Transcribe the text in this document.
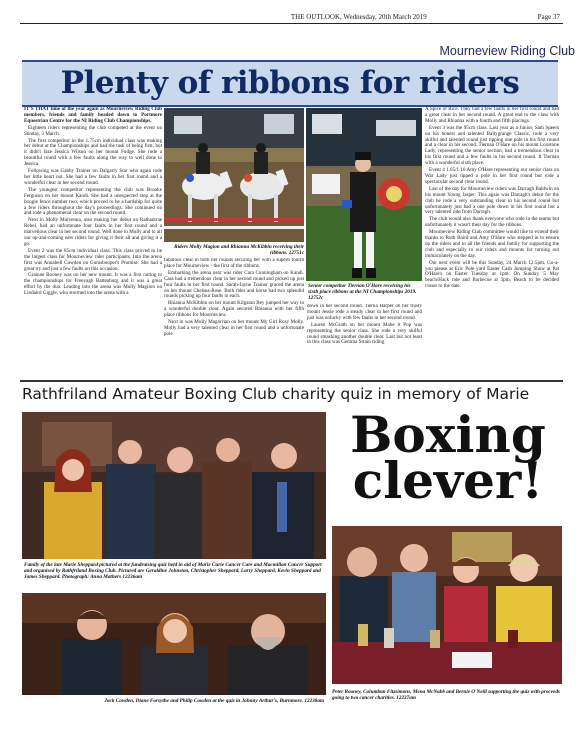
THE OUTLOOK, Wednesday, 20th March 2019	Page 37
Mourneview Riding Club
Plenty of ribbons for riders

IT'S THAT time of the year again as Mourneview Riding Club members, friends and family headed down to Portmore Equestrian Centre for the NI Riding Club Championships.

Eighteen riders representing the club competed at the event on Sunday, 3 March.

The first competitor in the 1.75cm individual class was making her debut at the Championships and had the task of being first, but it didn't faze Jessica Wilson on her mount Fudge. She rode a beautiful round with a few faults along the way to well done to Jessica.

Following was Gabby Trainer on Dalgarry Star who again rode her little heart out. She had a few faults in her first round and a wonderful clear in her second round.

The youngest competitor representing the club was Brooke Ferguson on her mount Kandi. She had a unexpected stop at the boogie fence number two, which proved to be a hardship for quite a few riders throughout the day's proceedings. She continued on and rode a phenomenal clear on the second round.

Next in Molly Mulvenna, also making her debut on Rathantrae Rebel, had an unfortunate four faults in her first round and a marvellous clear in her second round. Well done to Molly and to all our up-and-coming new riders for giving it their all and giving it a go.

Event 2 was the 85cm individual class. This class proved to be the largest class for Mourneview rider participants. Into the arena first was Annabell Cowden on Gumsbooper's Promise. She had a great try and just a few faults on this occasion.

Grainne Rooney was on her new mount. It was a first outing to the championships for Freevagh Battenburg and it was a great effort by the duo. Leading into the arena was Molly Magiion on Lindaird Giggle, who stormed into the arena with a

Riders Molly Magion and Rhianna McKibbin receiving their ribbons. 12751c

fabulous clear in both her rounds securing her with a superb fourth place for Mourneview - the first of the ribbons.

Embarking the arena next was rider Cara Cunningham on Kandi. Cara had a tremendous clear in her second round and picked up just four faults in her first round. Sarah-Jayne Trainor graced the arena on her mount Chelsea-Rose. Both rider and horse had two splendid rounds picking up four faults in each.

Rhianna McKibbin on her mount Kilgaran Bey jumped her way to a wonderful double clear. Again secured Rhianna with her fifth place ribbons for Mourneview.

Next in was Molly Magorrian on her mount My Girl Rosy Molly. Molly had a very talented clear in her first round and a unfortunate pole

Senior competitor Tiernan O'Hare receiving his sixth place ribbons at the NI Championships 2019. 12752c

down in her second round. Tierna Harper on her trusty mount Jessie rode a steady clear in her first round and just was unlucky with few faults in her second round.

Lauren McGrath on her mount Mabe it Pop was representing the senior class. She rode a very skilful round smashing another double clear. Last but not least in this class was Gemma Strain riding

A Spice of Rice. They had a few faults in her first round and had a great clear in her second round. A great end to the class with Molly and Rhianna with a fourth and fifth placings.

Event 3 was the 95cm class. Last year as a Junior, Sam Speers on his honest and talented Ballygrange Classic, rode a very skilful and talented round just tipping one pole in his first round and a clear in his second. Tiernan O'Hare on his mount Loxstone Lady, representing the senior section, had a tremendous clear in his first round and a few faults in his second round. It Tiernan with a wonderful sixth place.

Event 4 1.05/1.10 Amy O'Hare representing our senior class on War Lady just tipped a pole in her first round but rode a spectacular second clear round.

Last of the day for Mourneview riders was Darragh Baldwin on his mount Young Jasper. This again was Darragh's debut for the club he rode a very outstanding clear in his second round but unfortunately just had a one pole down in his first round but a very talented ride from Darragh.

The club would also thank everyone who rode in the teams but unfortunately it wasn't their day for the ribbons.

Mourneview Riding Club committee would like to extend their thanks to Ruth Baird and Amy O'Hare who stepped in to ensure up the riders and to all the friends and family for supporting the club and especially to our riders and mounts for turning out immaculately on the day.

Our next event will be this Sunday, 24 March 12:5pm. Go-a-you please at Eric Pole yard Easter Cash Jumping Show at Pat O'Hare's on Easter Tuesday at 1pm. On Sunday, 5 May beach/Hack ride and Barbecue at 3pm. Beach to be decided closer to the date.

Rathfriland Amateur Boxing Club charity quiz in memory of Marie
Family of the late Marie Sheppard pictured at the fundraising quiz held in aid of Marie Curie Cancer Care and Macmillan Cancer Support and organised by Rathfriland Boxing Club. Pictured are Geraldine Johnston, Christopher Sheppard, Larry Sheppard, Kevin Sheppard and James Sheppard. Photograph: Anna Mathers 12236am
Jack Cowden, Diane Forsythe and Philip Cowden at the quiz in Johnny Arthur's, Burnmore. 12238am
Boxing
clever!
Peter Rooney, Columban Fitzsimons, Mena McNabb and Bernie O'Neill supporting the quiz with proceeds going to two cancer charities. 12237am
